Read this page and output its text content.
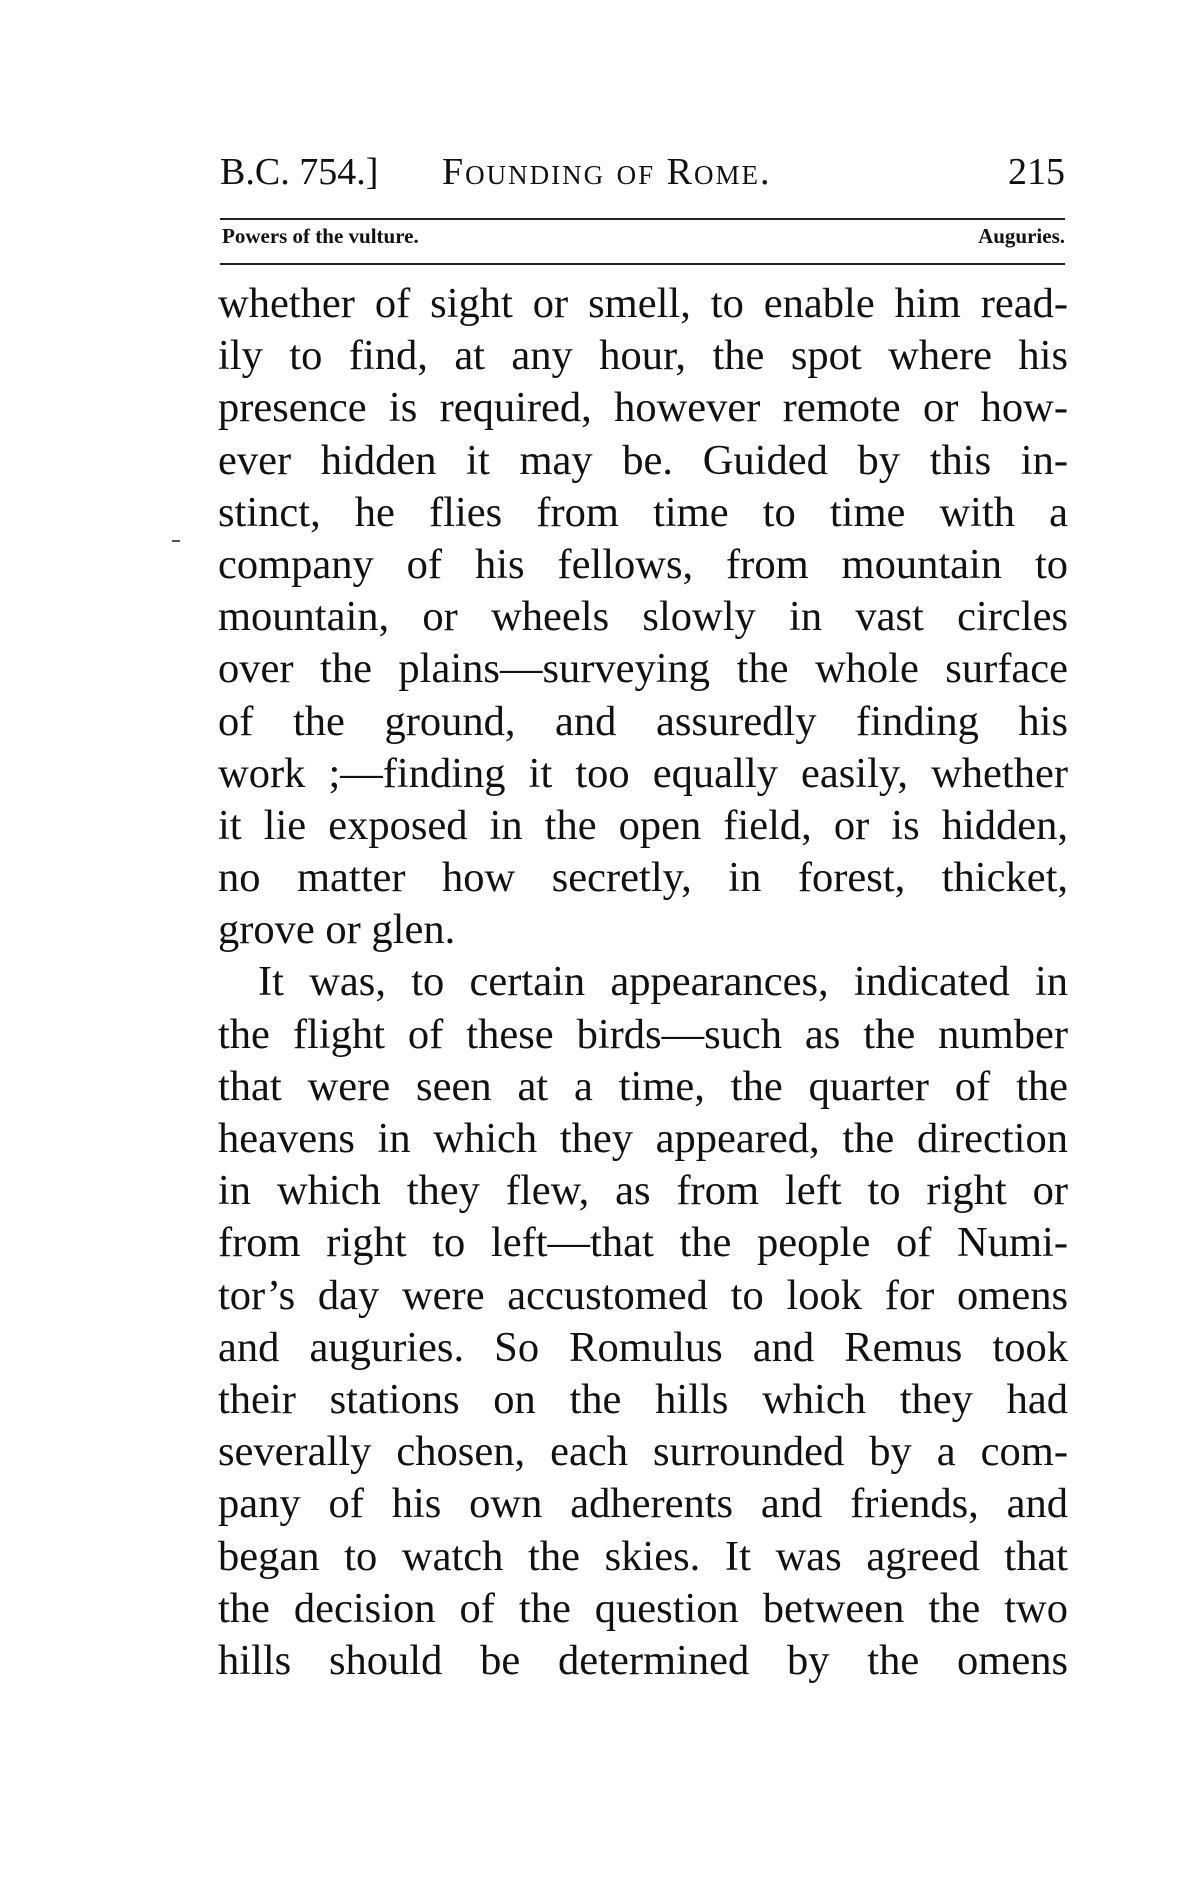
B.C. 754.] Founding of Rome.	215
Powers of the vulture.	Auguries.
whether of sight or smell, to enable him read-
ily to find, at any hour, the spot where his
presence is required, however remote or how-
ever hidden it may be. Guided by this in-
stinct, he flies from time to time with a
company of his fellows, from mountain to
mountain, or wheels slowly in vast circles
over the plains—surveying the whole surface
of the ground, and assuredly finding his
work ;—finding it too equally easily, whether
it lie exposed in the open field, or is hidden,
no matter how secretly, in forest, thicket,
grove or glen.
It was, to certain appearances, indicated in
the flight of these birds—such as the number
that were seen at a time, the quarter of the
heavens in which they appeared, the direction
in which they flew, as from left to right or
from right to left—that the people of Numi-
tor’s day were accustomed to look for omens
and auguries. So Romulus and Remus took
their stations on the hills which they had
severally chosen, each surrounded by a com-
pany of his own adherents and friends, and
began to watch the skies. It was agreed that
the decision of the question between the two
hills should be determined by the omens
